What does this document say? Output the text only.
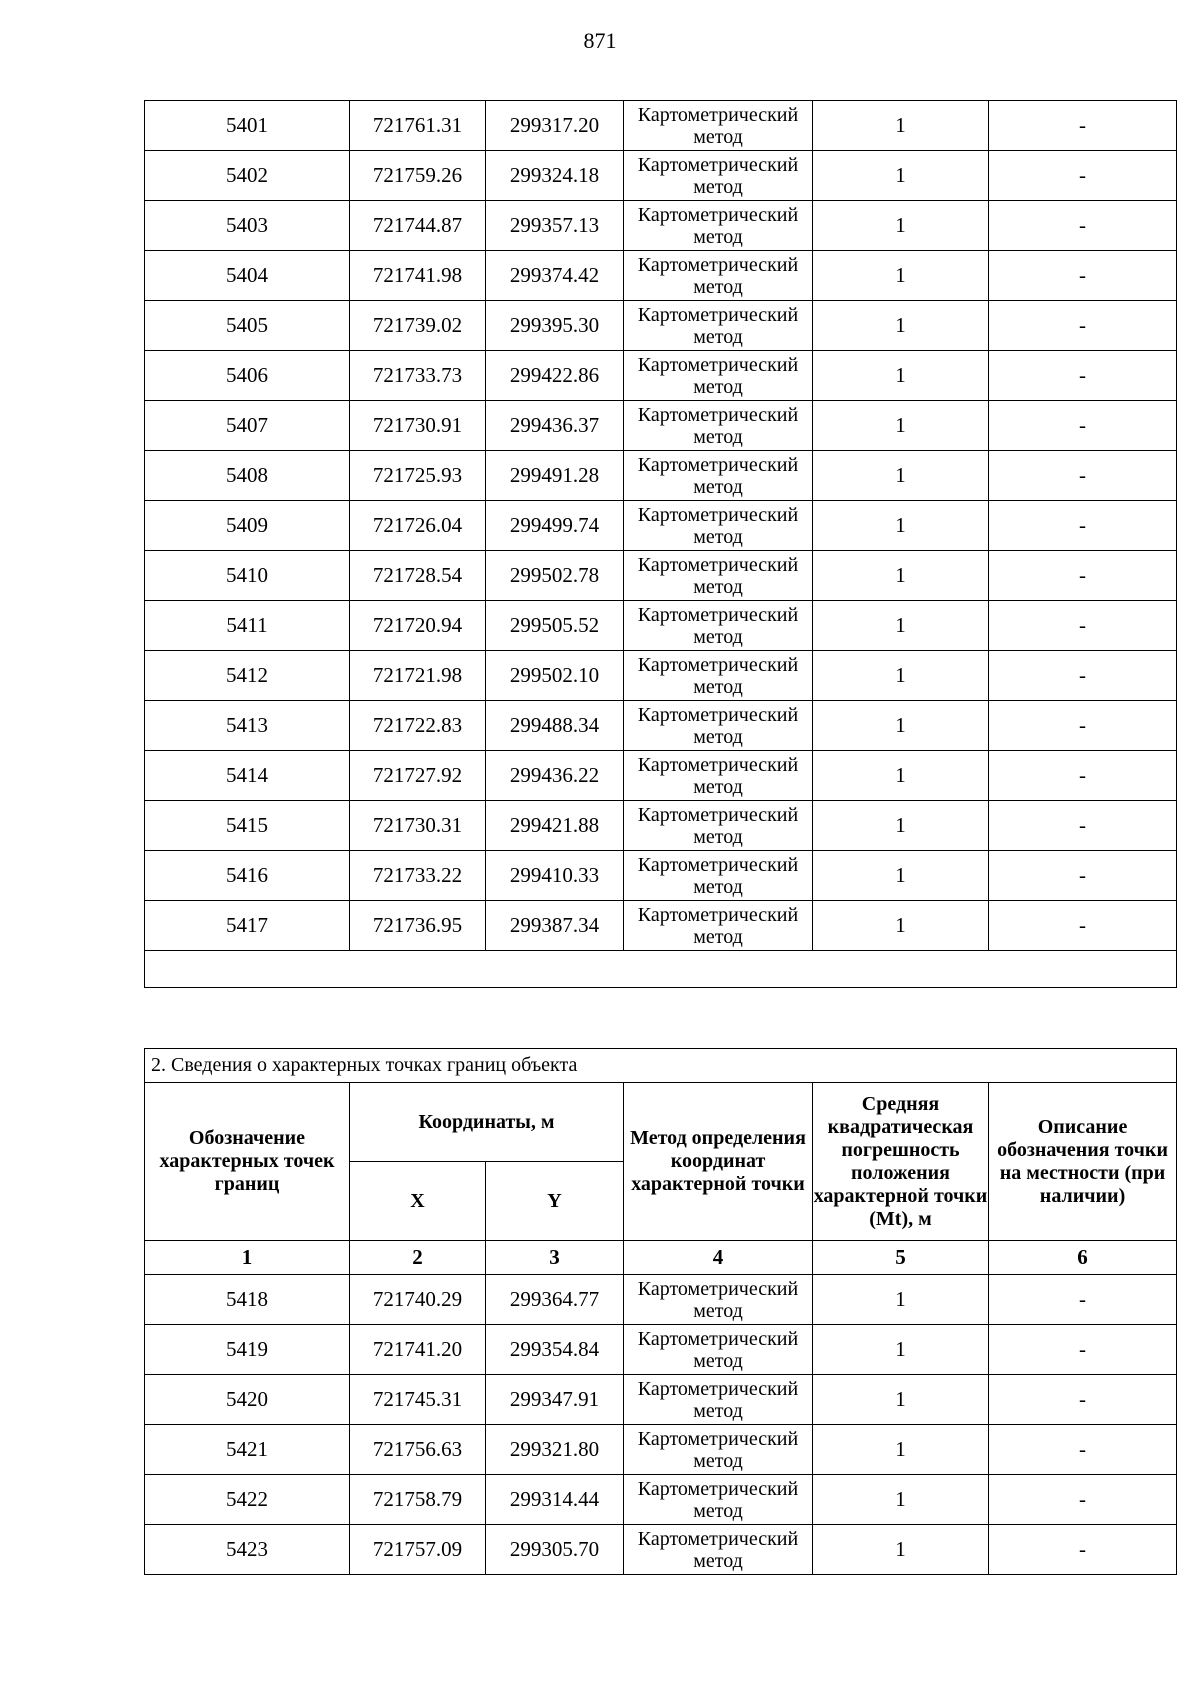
871
5401	721761.31	299317.20	Картометрический метод	1	-
5402	721759.26	299324.18	Картометрический метод	1	-
5403	721744.87	299357.13	Картометрический метод	1	-
5404	721741.98	299374.42	Картометрический метод	1	-
5405	721739.02	299395.30	Картометрический метод	1	-
5406	721733.73	299422.86	Картометрический метод	1	-
5407	721730.91	299436.37	Картометрический метод	1	-
5408	721725.93	299491.28	Картометрический метод	1	-
5409	721726.04	299499.74	Картометрический метод	1	-
5410	721728.54	299502.78	Картометрический метод	1	-
5411	721720.94	299505.52	Картометрический метод	1	-
5412	721721.98	299502.10	Картометрический метод	1	-
5413	721722.83	299488.34	Картометрический метод	1	-
5414	721727.92	299436.22	Картометрический метод	1	-
5415	721730.31	299421.88	Картометрический метод	1	-
5416	721733.22	299410.33	Картометрический метод	1	-
5417	721736.95	299387.34	Картометрический метод	1	-

2. Сведения о характерных точках границ объекта					
Обозначение характерных точек границ	Координаты, м		Метод определения координат характерной точки	Средняя квадратическая погрешность положения характерной точки (Mt), м	Описание обозначения точки на местности (при наличии)
	X	Y			
1	2	3	4	5	6
5418	721740.29	299364.77	Картометрический метод	1	-
5419	721741.20	299354.84	Картометрический метод	1	-
5420	721745.31	299347.91	Картометрический метод	1	-
5421	721756.63	299321.80	Картометрический метод	1	-
5422	721758.79	299314.44	Картометрический метод	1	-
5423	721757.09	299305.70	Картометрический метод	1	-
